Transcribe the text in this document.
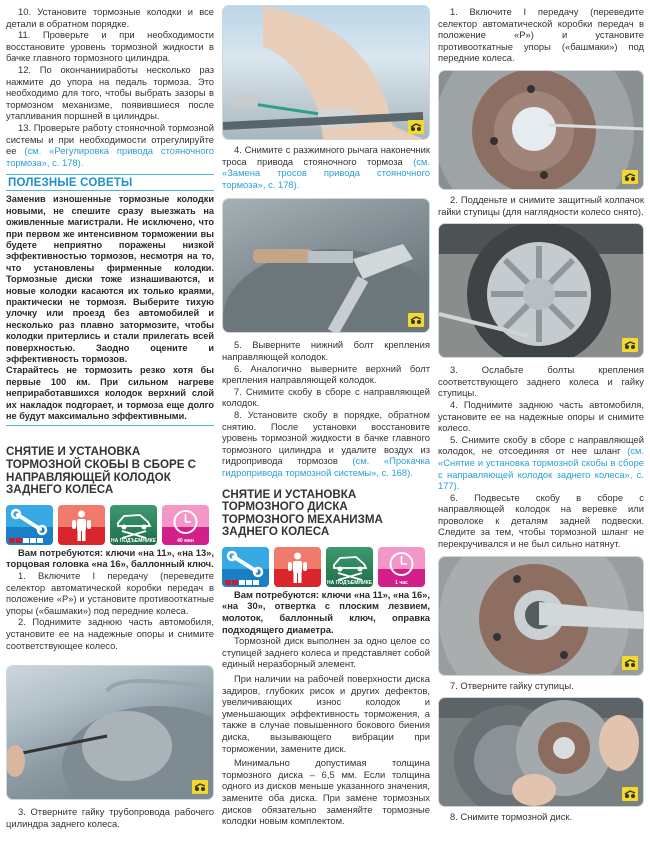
10. Установите тормозные колодки и все детали в обратном порядке.

11. Проверьте и при необходимости восстановите уровень тормозной жидкости в бачке главного тормозного цилиндра.

12. По окончанииработы несколько раз нажмите до упора на педаль тормоза. Это необходимо для того, чтобы выбрать зазоры в тормозном механизме, появившиеся после утапливания поршней в цилиндры.

13. Проверьте работу стояночной тормозной системы и при необходимости отрегулируйте ее (см. «Регулировка привода стояночного тормоза», с. 178).

ПОЛЕЗНЫЕ СОВЕТЫ

Заменив изношенные тормозные колодки новыми, не спешите сразу выезжать на оживленные магистрали. Не исключено, что при первом же интенсивном торможении вы будете неприятно поражены низкой эффективностью тормозов, несмотря на то, что установлены фирменные колодки. Тормозные диски тоже изнашиваются, и новые колодки касаются их только краями, практически не тормозя. Выберите тихую улочку или проезд без автомобилей и несколько раз плавно затормозите, чтобы колодки притерлись и стали прилегать всей поверхностью. Заодно оцените и эффективность тормозов.

Старайтесь не тормозить резко хотя бы первые 100 км. При сильном нагреве неприработавшихся колодок верхний слой их накладок подгорает, и тормоза еще долго не будут максимально эффективными.

СНЯТИЕ И УСТАНОВКА ТОРМОЗНОЙ СКОБЫ В СБОРЕ С НАПРАВЛЯЮЩЕЙ КОЛОДОК ЗАДНЕГО КОЛЕСА
НА ПОДЪЕМНИКЕ	40 мин

Вам потребуются: ключи «на 11», «на 13», торцовая головка «на 16», баллонный ключ.

1. Включите I передачу (переведите селектор автоматической коробки передач в положение «P») и установите противооткатные упоры («башмаки») под передние колеса.

2. Поднимите заднюю часть автомобиля, установите ее на надежные опоры и снимите соответствующее колесо.

3. Отверните гайку трубопровода рабочего цилиндра заднего колеса.

4. Снимите с разжимного рычага наконечник троса привода стояночного тормоза (см. «Замена тросов привода стояночного тормоза», с. 178).

5. Выверните нижний болт крепления направляющей колодок.

6. Аналогично выверните верхний болт крепления направляющей колодок.

7. Снимите скобу в сборе с направляющей колодок.

8. Установите скобу в порядке, обратном снятию. После установки восстановите уровень тормозной жидкости в бачке главного тормозного цилиндра и удалите воздух из гидропривода тормозов (см. «Прокачка гидропривода тормозной системы», с. 168).

СНЯТИЕ И УСТАНОВКА ТОРМОЗНОГО ДИСКА ТОРМОЗНОГО МЕХАНИЗМА ЗАДНЕГО КОЛЕСА
НА ПОДЪЕМНИКЕ	1 час

Вам потребуются: ключи «на 11», «на 16», «на 30», отвертка с плоским лезвием, молоток, баллонный ключ, оправка подходящего диаметра.

Тормозной диск выполнен за одно целое со ступицей заднего колеса и представляет собой единый неразборный элемент.

При наличии на рабочей поверхности диска задиров, глубоких рисок и других дефектов, увеличивающих износ колодок и уменьшающих эффективность торможения, а также в случае повышенного бокового биения диска, вызывающего вибрации при торможении, замените диск.

Минимально допустимая толщина тормозного диска – 6,5 мм. Если толщина одного из дисков меньше указанного значения, замените оба диска. При замене тормозных дисков обязательно заменяйте тормозные колодки новым комплектом.

1. Включите I передачу (переведите селектор автоматической коробки передач в положение «P») и установите противооткатные упоры («башмаки») под передние колеса.

2. Подденьте и снимите защитный колпачок гайки ступицы (для наглядности колесо снято).

3. Ослабьте болты крепления соответствующего заднего колеса и гайку ступицы.

4. Поднимите заднюю часть автомобиля, установите ее на надежные опоры и снимите колесо.

5. Снимите скобу в сборе с направляющей колодок, не отсоединяя от нее шланг (см. «Снятие и установка тормозной скобы в сборе с направляющей колодок заднего колеса», с. 177).

6. Подвесьте скобу в сборе с направляющей колодок на веревке или проволоке к деталям задней подвески. Следите за тем, чтобы тормозной шланг не перекручивался и не был сильно натянут.

7. Отверните гайку ступицы.

8. Снимите тормозной диск.
